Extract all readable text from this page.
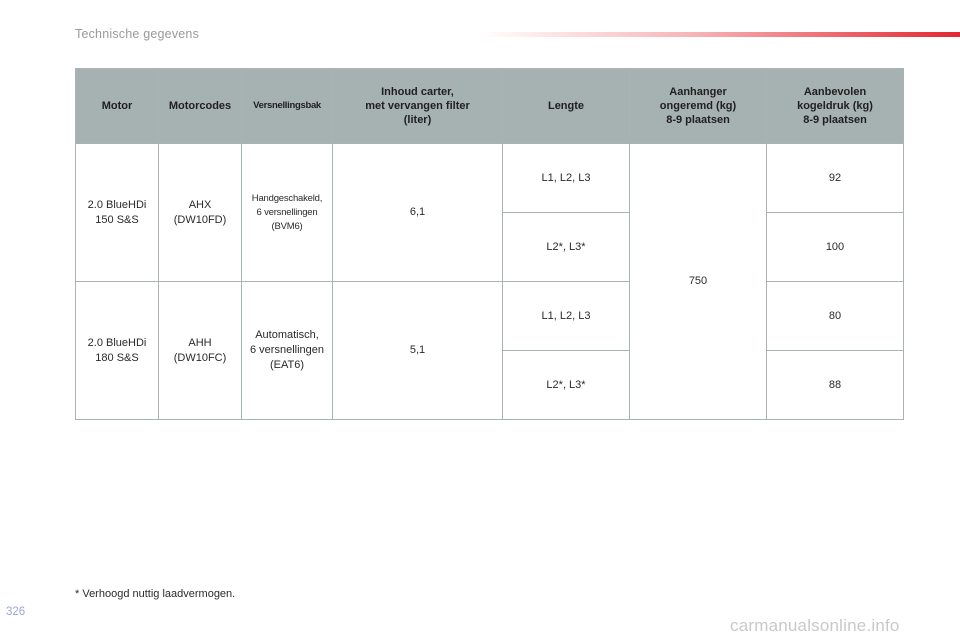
Technische gegevens
Motor	Motorcodes	Versnellingsbak	Inhoud carter,
met vervangen filter
(liter)	Lengte	Aanhanger
ongeremd (kg)
8-9 plaatsen	Aanbevolen
kogeldruk (kg)
8-9 plaatsen
2.0 BlueHDi
150 S&S	AHX
(DW10FD)	Handgeschakeld,
6 versnellingen
(BVM6)	6,1	L1, L2, L3	750	92
				L2*, L3*		100
2.0 BlueHDi
180 S&S	AHH
(DW10FC)	Automatisch,
6 versnellingen
(EAT6)	5,1	L1, L2, L3		80
				L2*, L3*		88
* Verhoogd nuttig laadvermogen.
326
carmanualsonline.info
